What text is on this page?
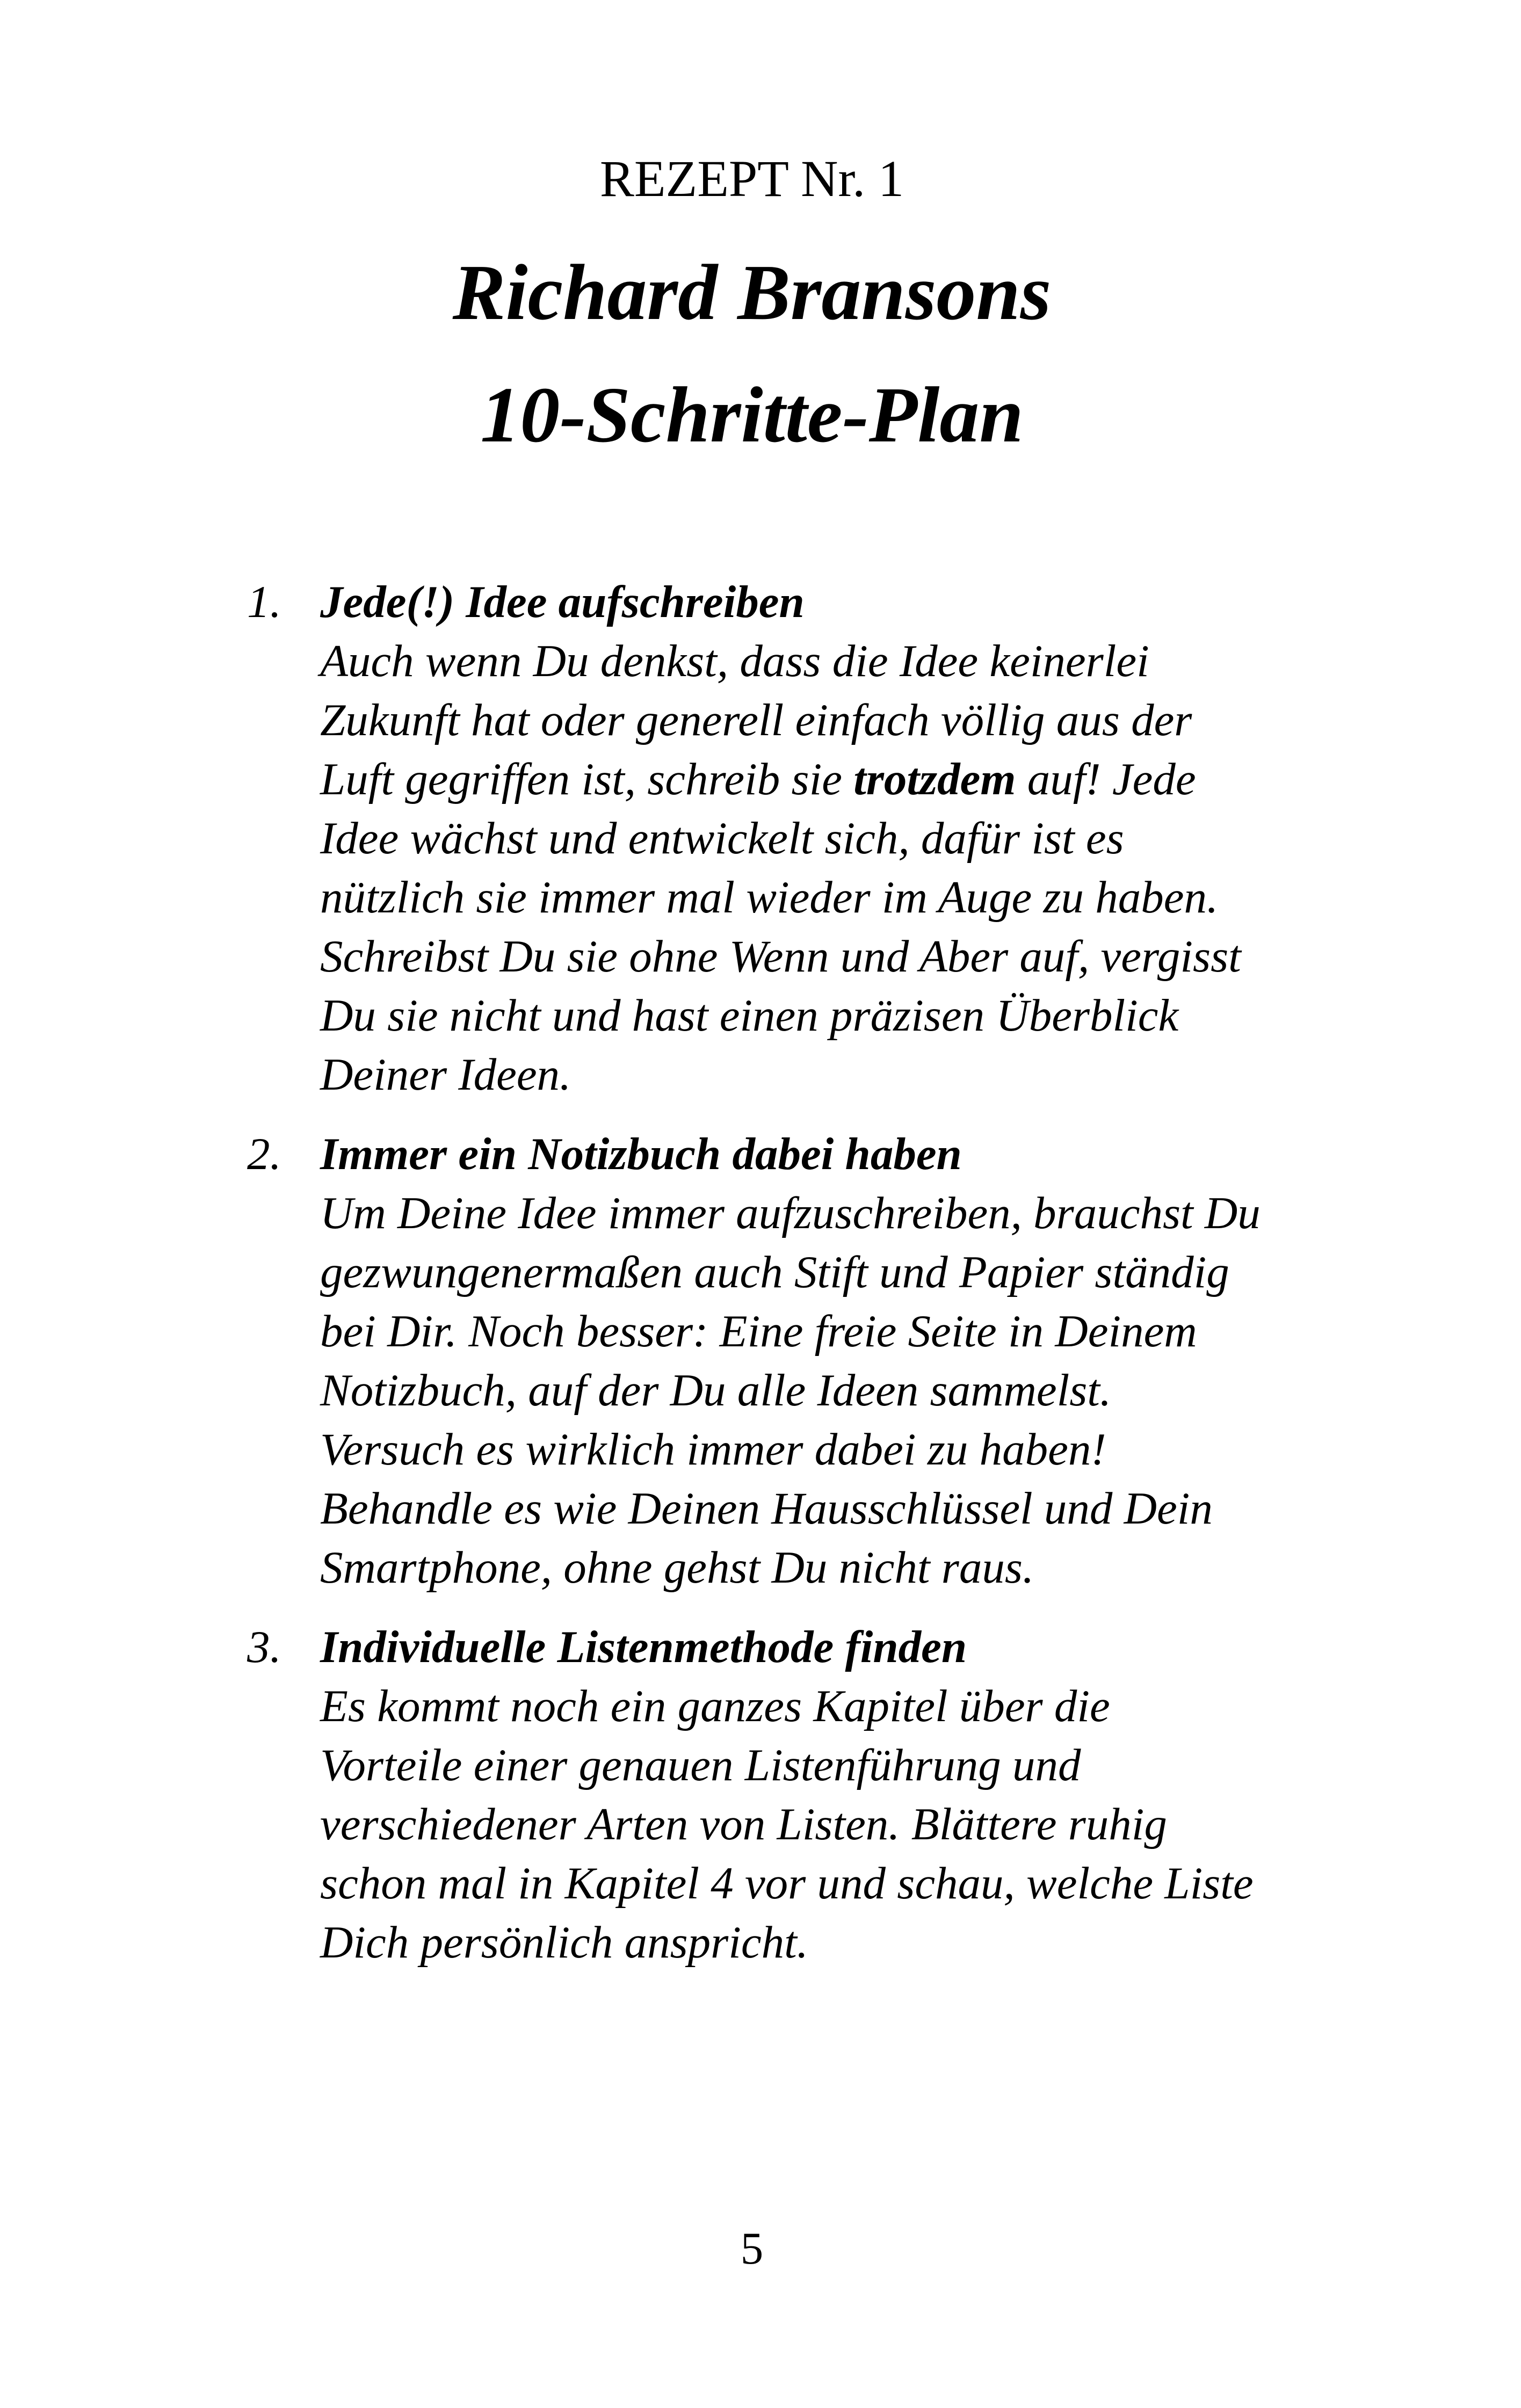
REZEPT Nr. 1
Richard Bransons
10-Schritte-Plan
1. Jede(!) Idee aufschreiben
Auch wenn Du denkst, dass die Idee keinerlei
Zukunft hat oder generell einfach völlig aus der
Luft gegriffen ist, schreib sie trotzdem auf! Jede
Idee wächst und entwickelt sich, dafür ist es
nützlich sie immer mal wieder im Auge zu haben.
Schreibst Du sie ohne Wenn und Aber auf, vergisst
Du sie nicht und hast einen präzisen Überblick
Deiner Ideen.
2. Immer ein Notizbuch dabei haben
Um Deine Idee immer aufzuschreiben, brauchst Du
gezwungenermaßen auch Stift und Papier ständig
bei Dir. Noch besser: Eine freie Seite in Deinem
Notizbuch, auf der Du alle Ideen sammelst.
Versuch es wirklich immer dabei zu haben!
Behandle es wie Deinen Hausschlüssel und Dein
Smartphone, ohne gehst Du nicht raus.
3. Individuelle Listenmethode finden
Es kommt noch ein ganzes Kapitel über die
Vorteile einer genauen Listenführung und
verschiedener Arten von Listen. Blättere ruhig
schon mal in Kapitel 4 vor und schau, welche Liste
Dich persönlich anspricht.
5
